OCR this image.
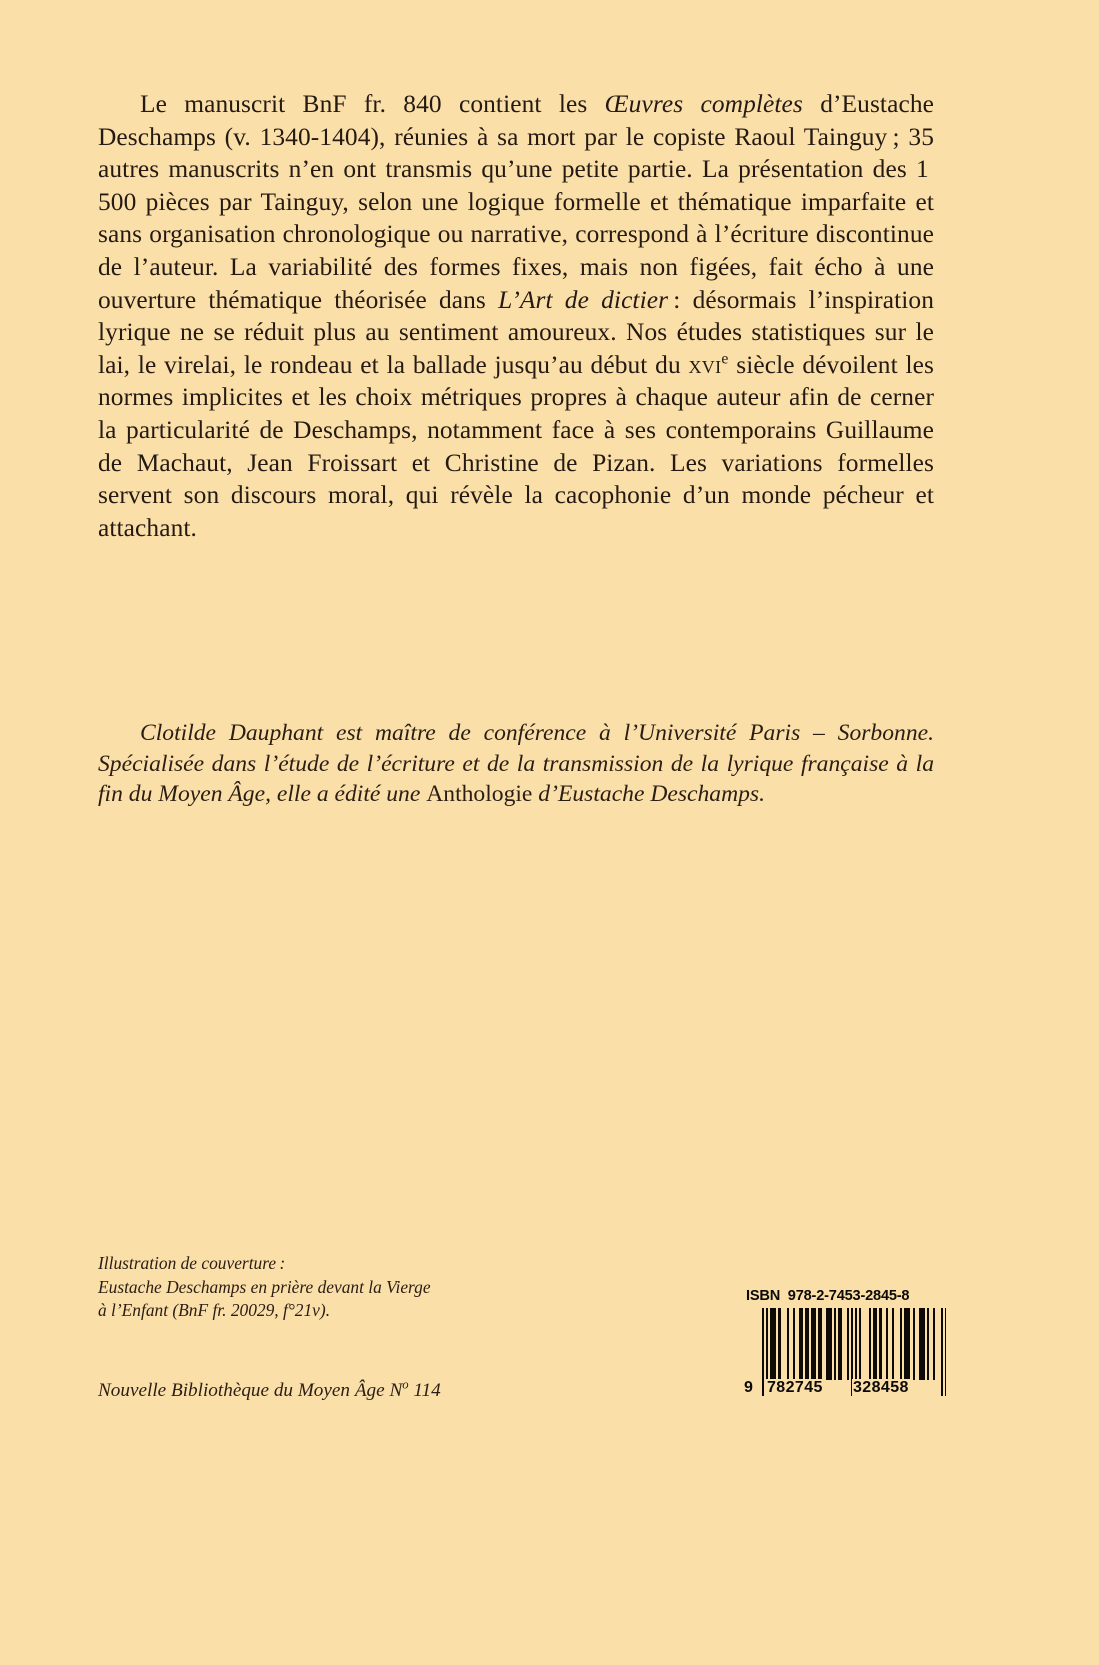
Le manuscrit BnF fr. 840 contient les Œuvres complètes d’Eustache Deschamps (v. 1340-1404), réunies à sa mort par le copiste Raoul Tainguy ; 35 autres manuscrits n’en ont transmis qu’une petite partie. La présentation des 1 500 pièces par Tainguy, selon une logique formelle et thématique imparfaite et sans organisation chronologique ou narrative, correspond à l’écriture discontinue de l’auteur. La variabilité des formes fixes, mais non figées, fait écho à une ouverture thématique théorisée dans L’Art de dictier : désormais l’inspiration lyrique ne se réduit plus au sentiment amoureux. Nos études statistiques sur le lai, le virelai, le rondeau et la ballade jusqu’au début du xvi$^e$ siècle dévoilent les normes implicites et les choix métriques propres à chaque auteur afin de cerner la particularité de Deschamps, notamment face à ses contemporains Guillaume de Machaut, Jean Froissart et Christine de Pizan. Les variations formelles servent son discours moral, qui révèle la cacophonie d’un monde pécheur et attachant.
Clotilde Dauphant est maître de conférence à l’Université Paris – Sorbonne. Spécialisée dans l’étude de l’écriture et de la transmission de la lyrique française à la fin du Moyen Âge, elle a édité une Anthologie d’Eustache Deschamps.
Illustration de couverture :
Eustache Deschamps en prière devant la Vierge
à l’Enfant (BnF fr. 20029, f°21v).
Nouvelle Bibliothèque du Moyen Âge $N^o$ 114
ISBN 978-2-7453-2845-8
9 782745 328458
